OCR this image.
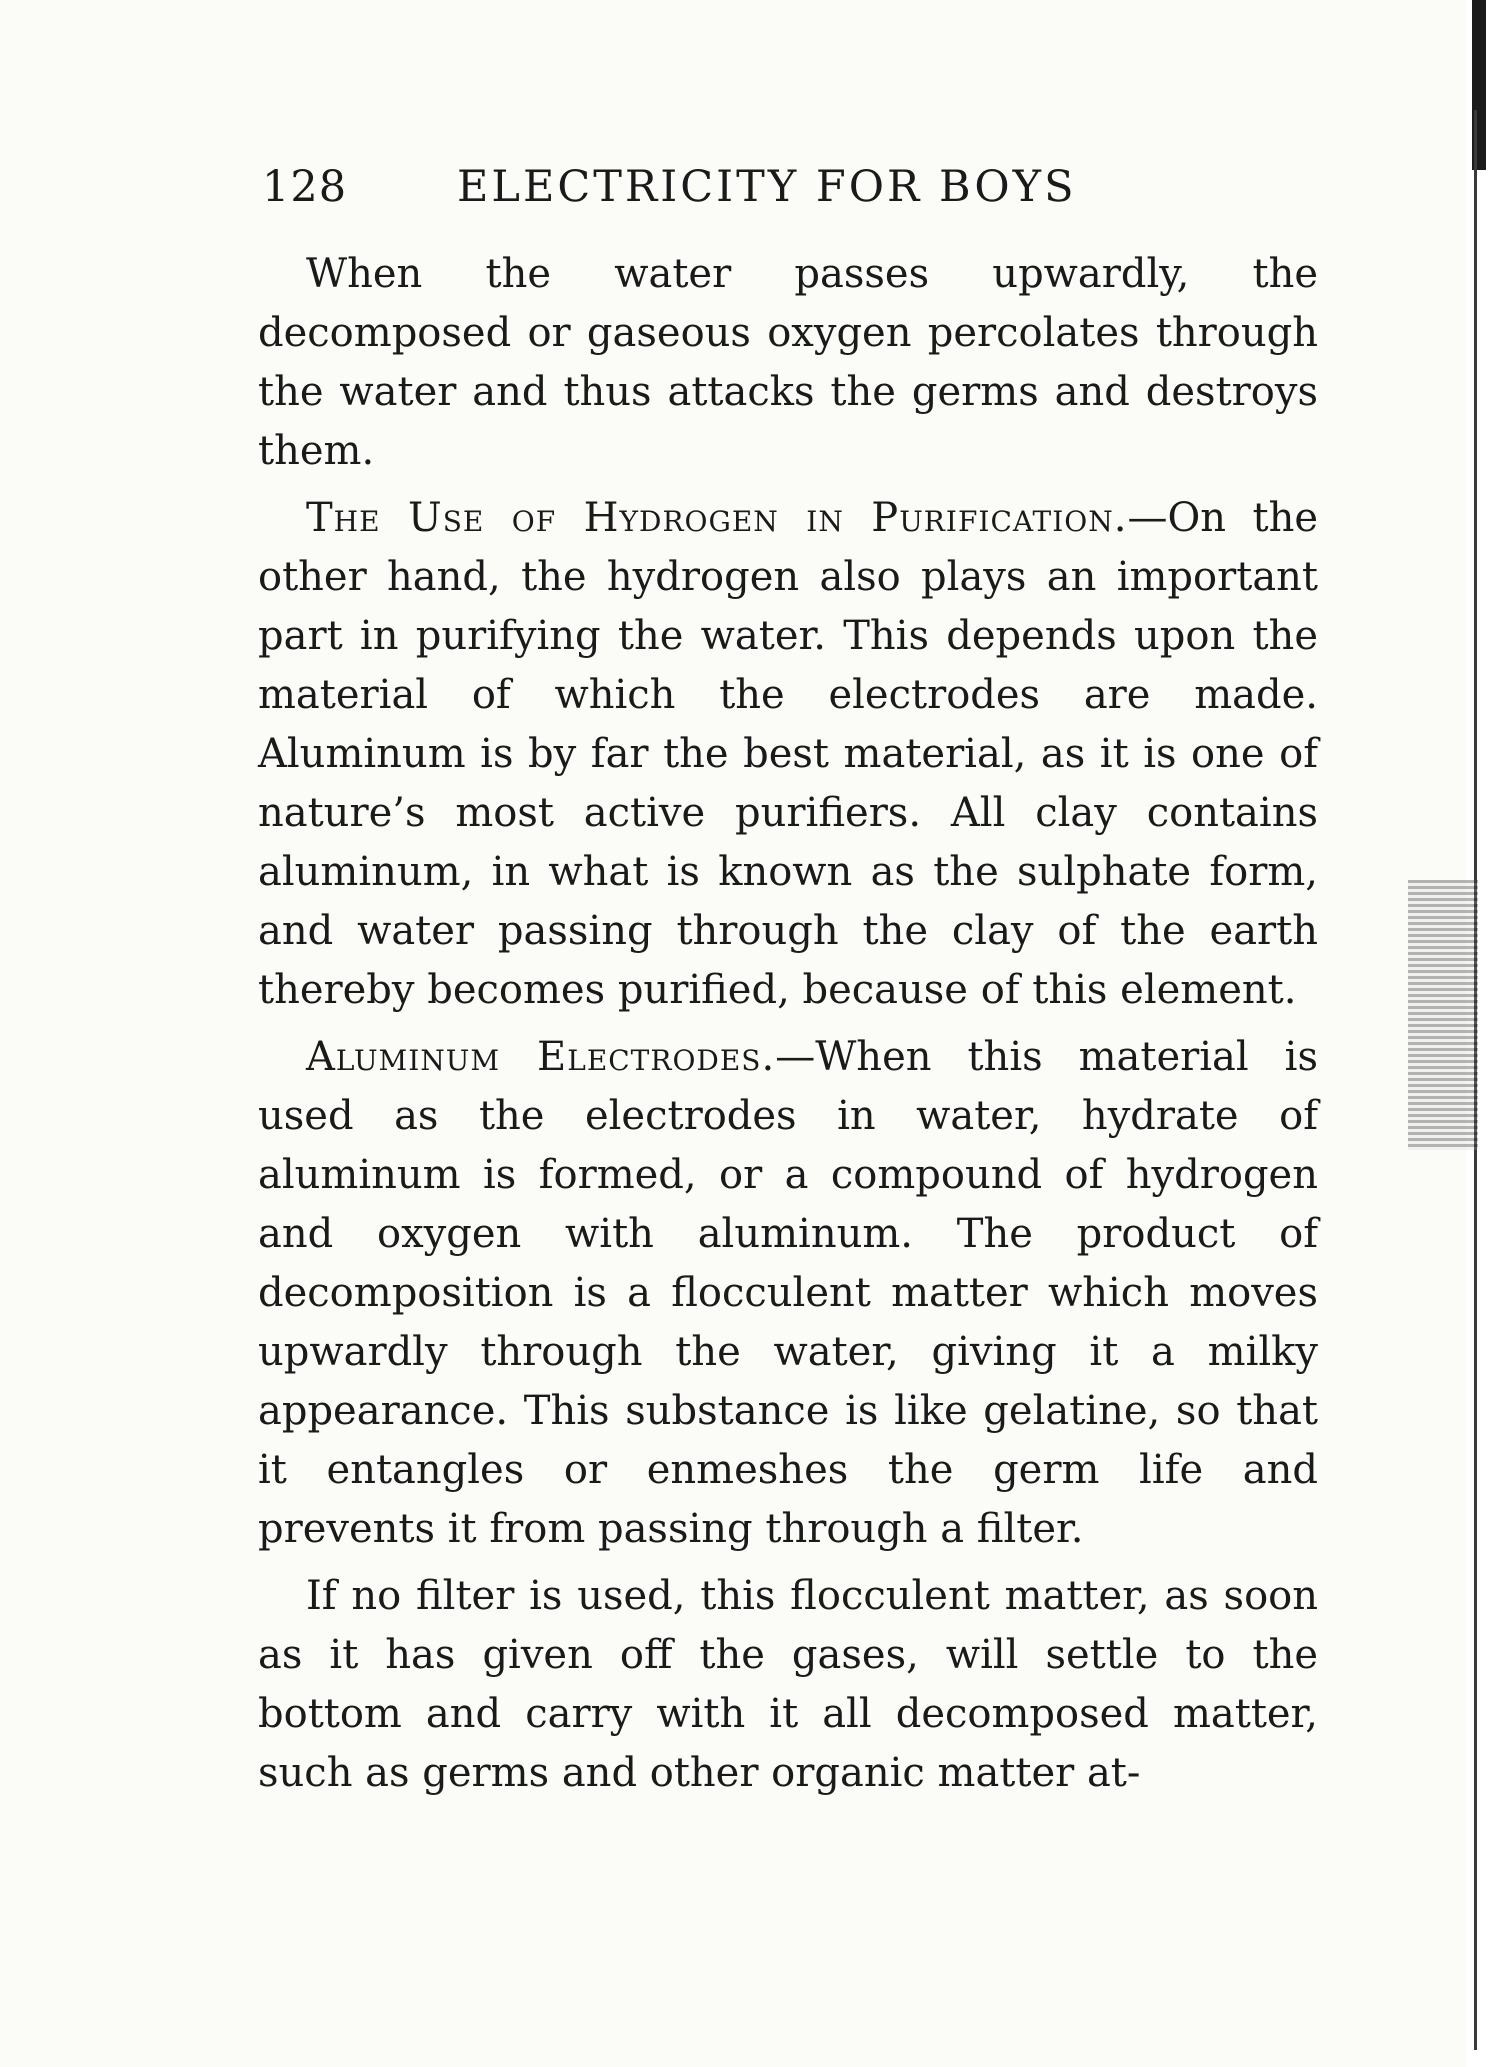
128	ELECTRICITY FOR BOYS

When the water passes upwardly, the decomposed or gaseous oxygen percolates through the water and thus attacks the germs and destroys them.

The Use of Hydrogen in Purification.—On the other hand, the hydrogen also plays an important part in purifying the water. This depends upon the material of which the electrodes are made. Aluminum is by far the best material, as it is one of nature’s most active purifiers. All clay contains aluminum, in what is known as the sulphate form, and water passing through the clay of the earth thereby becomes purified, because of this element.

Aluminum Electrodes.—When this material is used as the electrodes in water, hydrate of aluminum is formed, or a compound of hydrogen and oxygen with aluminum. The product of decomposition is a flocculent matter which moves upwardly through the water, giving it a milky appearance. This substance is like gelatine, so that it entangles or enmeshes the germ life and prevents it from passing through a filter.

If no filter is used, this flocculent matter, as soon as it has given off the gases, will settle to the bottom and carry with it all decomposed matter, such as germs and other organic matter at-
